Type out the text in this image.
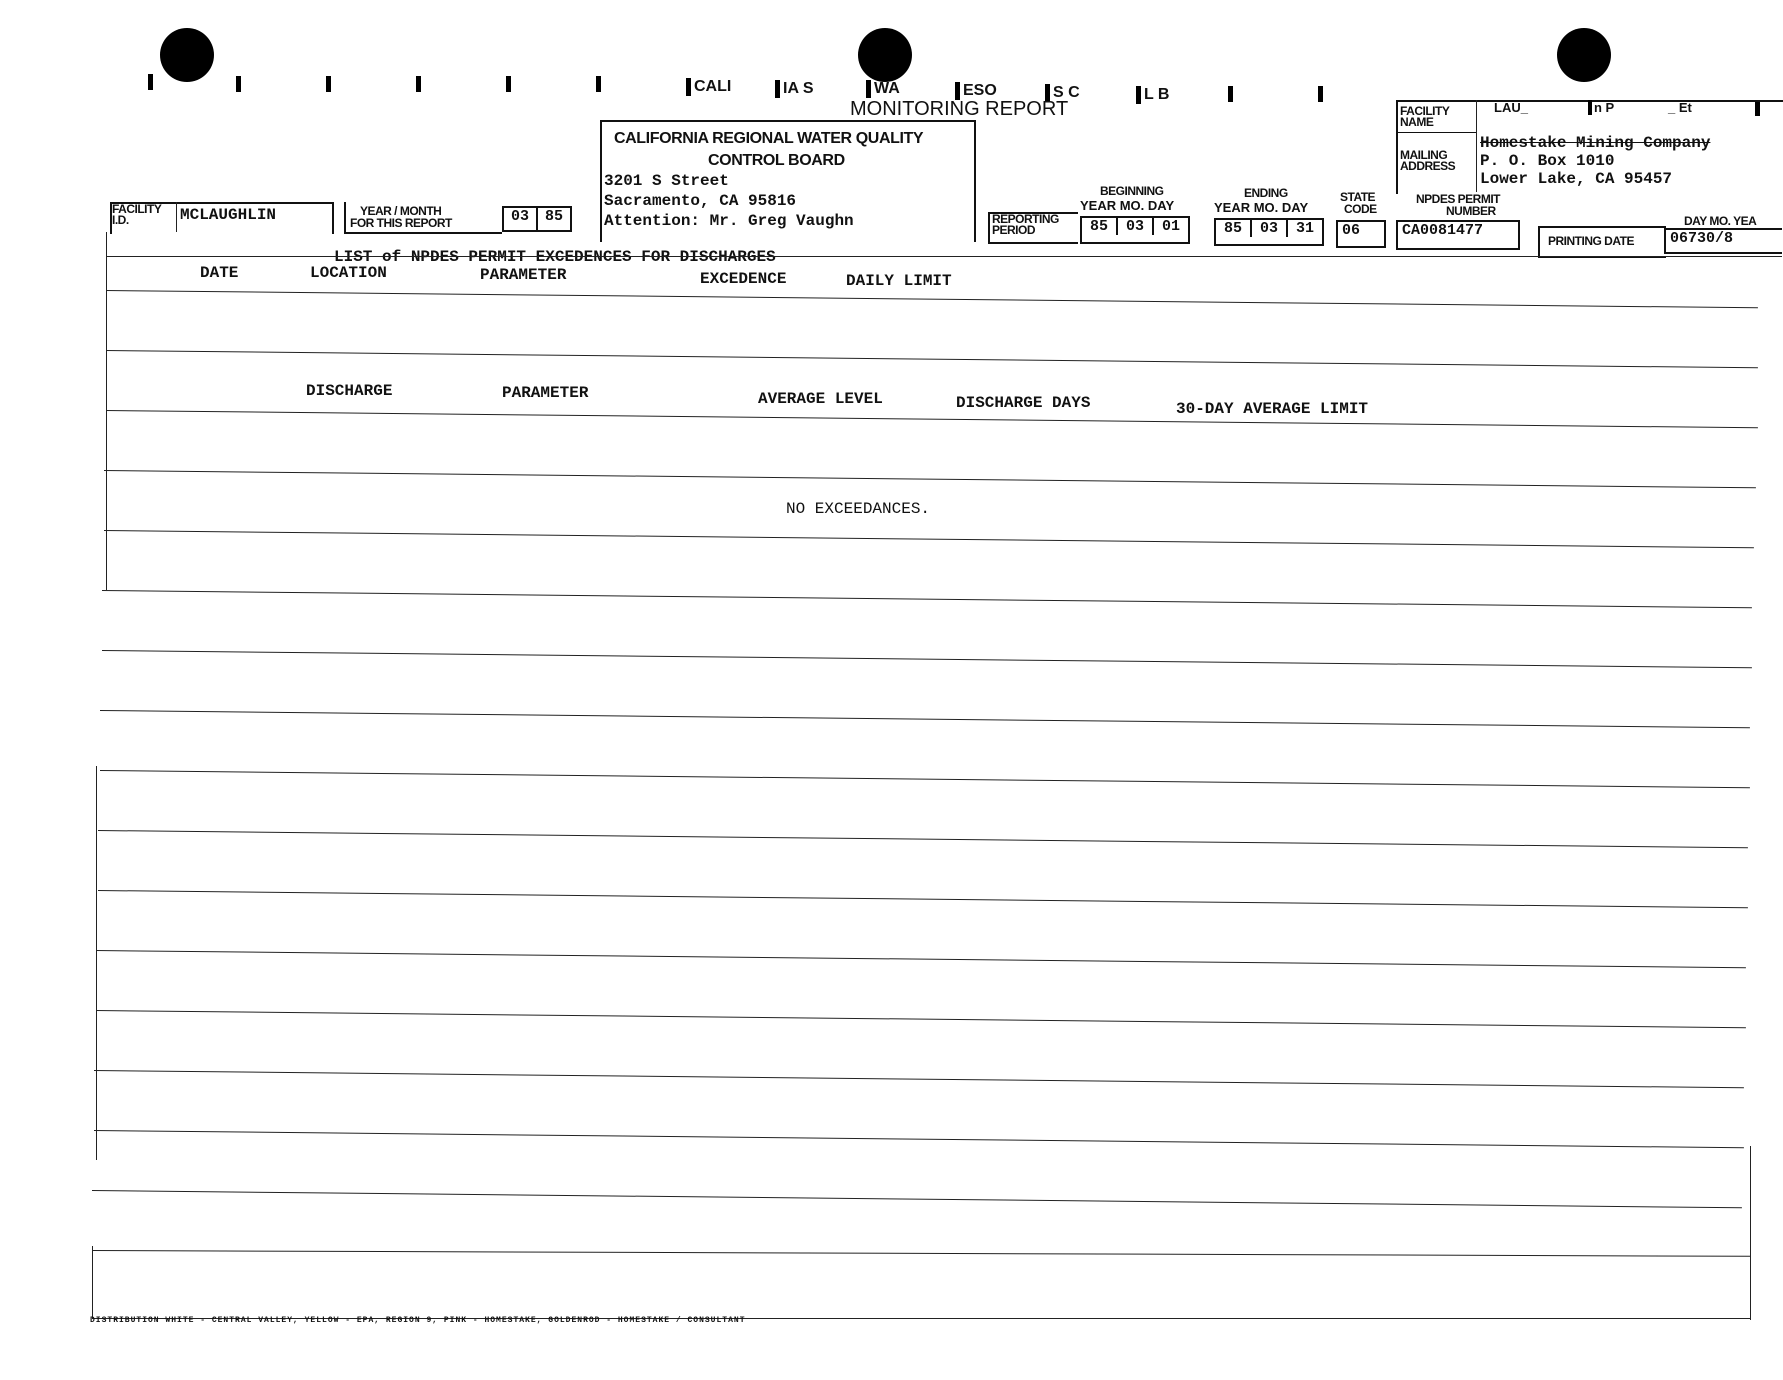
CALI	IA S	WA	ESO	S C	L B
MONITORING REPORT
CALIFORNIA REGIONAL WATER QUALITY
CONTROL BOARD
3201 S Street
Sacramento, CA 95816
Attention: Mr. Greg Vaughn
FACILITY NAME
LAU_	n P	_ Et
MAILING ADDRESS
Homestake Mining Company
P. O. Box 1010
Lower Lake, CA 95457
FACILITY I.D.	MCLAUGHLIN	YEAR / MONTH
FOR THIS REPORT	03	85	REPORTING PERIOD
BEGINNING
YEAR MO. DAY
85 03 01
ENDING
YEAR MO. DAY
85 03 31
STATE
CODE
06
NPDES PERMIT
NUMBER
CA0081477
PRINTING DATE
DAY MO. YEA
06730/8
LIST of NPDES PERMIT EXCEDENCES FOR DISCHARGES
DATE	LOCATION	PARAMETER	EXCEDENCE	DAILY LIMIT
DISCHARGE	PARAMETER	AVERAGE LEVEL	DISCHARGE DAYS	30-DAY AVERAGE LIMIT
NO EXCEEDANCES.
DISTRIBUTION WHITE - CENTRAL VALLEY, YELLOW - EPA, REGION 9, PINK - HOMESTAKE, GOLDENROD - HOMESTAKE / CONSULTANT
